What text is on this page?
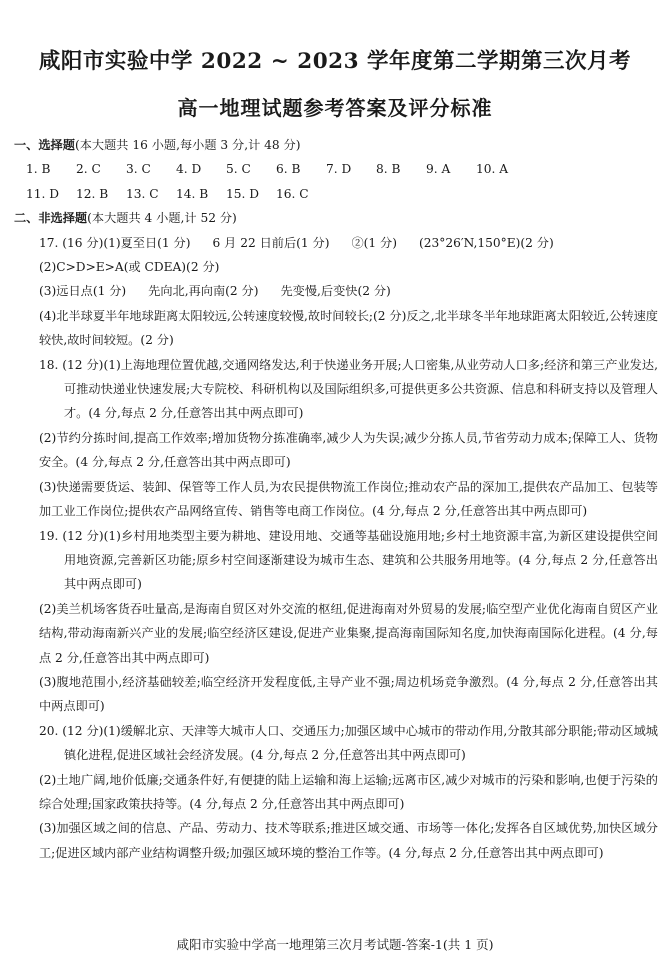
咸阳市实验中学 2022 ~ 2023 学年度第二学期第三次月考
高一地理试题参考答案及评分标准
一、选择题(本大题共 16 小题,每小题 3 分,计 48 分)
1. B	2. C	3. C	4. D	5. C	6. B	7. D	8. B	9. A	10. A
11. D	12. B	13. C	14. B	15. D	16. C
二、非选择题(本大题共 4 小题,计 52 分)
17. (16 分)(1)夏至日(1 分) 6 月 22 日前后(1 分) ②(1 分) (23°26′N,150°E)(2 分)
(2)C>D>E>A(或 CDEA)(2 分)
(3)远日点(1 分) 先向北,再向南(2 分) 先变慢,后变快(2 分)
(4)北半球夏半年地球距离太阳较远,公转速度较慢,故时间较长;(2 分)反之,北半球冬半年地球距离太阳较近,公转速度较快,故时间较短。(2 分)
18. (12 分)(1)上海地理位置优越,交通网络发达,利于快递业务开展;人口密集,从业劳动人口多;经济和第三产业发达,可推动快递业快速发展;大专院校、科研机构以及国际组织多,可提供更多公共资源、信息和科研支持以及管理人才。(4 分,每点 2 分,任意答出其中两点即可)
(2)节约分拣时间,提高工作效率;增加货物分拣准确率,减少人为失误;减少分拣人员,节省劳动力成本;保障工人、货物安全。(4 分,每点 2 分,任意答出其中两点即可)
(3)快递需要货运、装卸、保管等工作人员,为农民提供物流工作岗位;推动农产品的深加工,提供农产品加工、包装等加工业工作岗位;提供农产品网络宣传、销售等电商工作岗位。(4 分,每点 2 分,任意答出其中两点即可)
19. (12 分)(1)乡村用地类型主要为耕地、建设用地、交通等基础设施用地;乡村土地资源丰富,为新区建设提供空间用地资源,完善新区功能;原乡村空间逐渐建设为城市生态、建筑和公共服务用地等。(4 分,每点 2 分,任意答出其中两点即可)
(2)美兰机场客货吞吐量高,是海南自贸区对外交流的枢纽,促进海南对外贸易的发展;临空型产业优化海南自贸区产业结构,带动海南新兴产业的发展;临空经济区建设,促进产业集聚,提高海南国际知名度,加快海南国际化进程。(4 分,每点 2 分,任意答出其中两点即可)
(3)腹地范围小,经济基础较差;临空经济开发程度低,主导产业不强;周边机场竞争激烈。(4 分,每点 2 分,任意答出其中两点即可)
20. (12 分)(1)缓解北京、天津等大城市人口、交通压力;加强区域中心城市的带动作用,分散其部分职能;带动区域城镇化进程,促进区域社会经济发展。(4 分,每点 2 分,任意答出其中两点即可)
(2)土地广阔,地价低廉;交通条件好,有便捷的陆上运输和海上运输;远离市区,减少对城市的污染和影响,也便于污染的综合处理;国家政策扶持等。(4 分,每点 2 分,任意答出其中两点即可)
(3)加强区域之间的信息、产品、劳动力、技术等联系;推进区域交通、市场等一体化;发挥各自区域优势,加快区域分工;促进区域内部产业结构调整升级;加强区域环境的整治工作等。(4 分,每点 2 分,任意答出其中两点即可)
咸阳市实验中学高一地理第三次月考试题-答案-1(共 1 页)
